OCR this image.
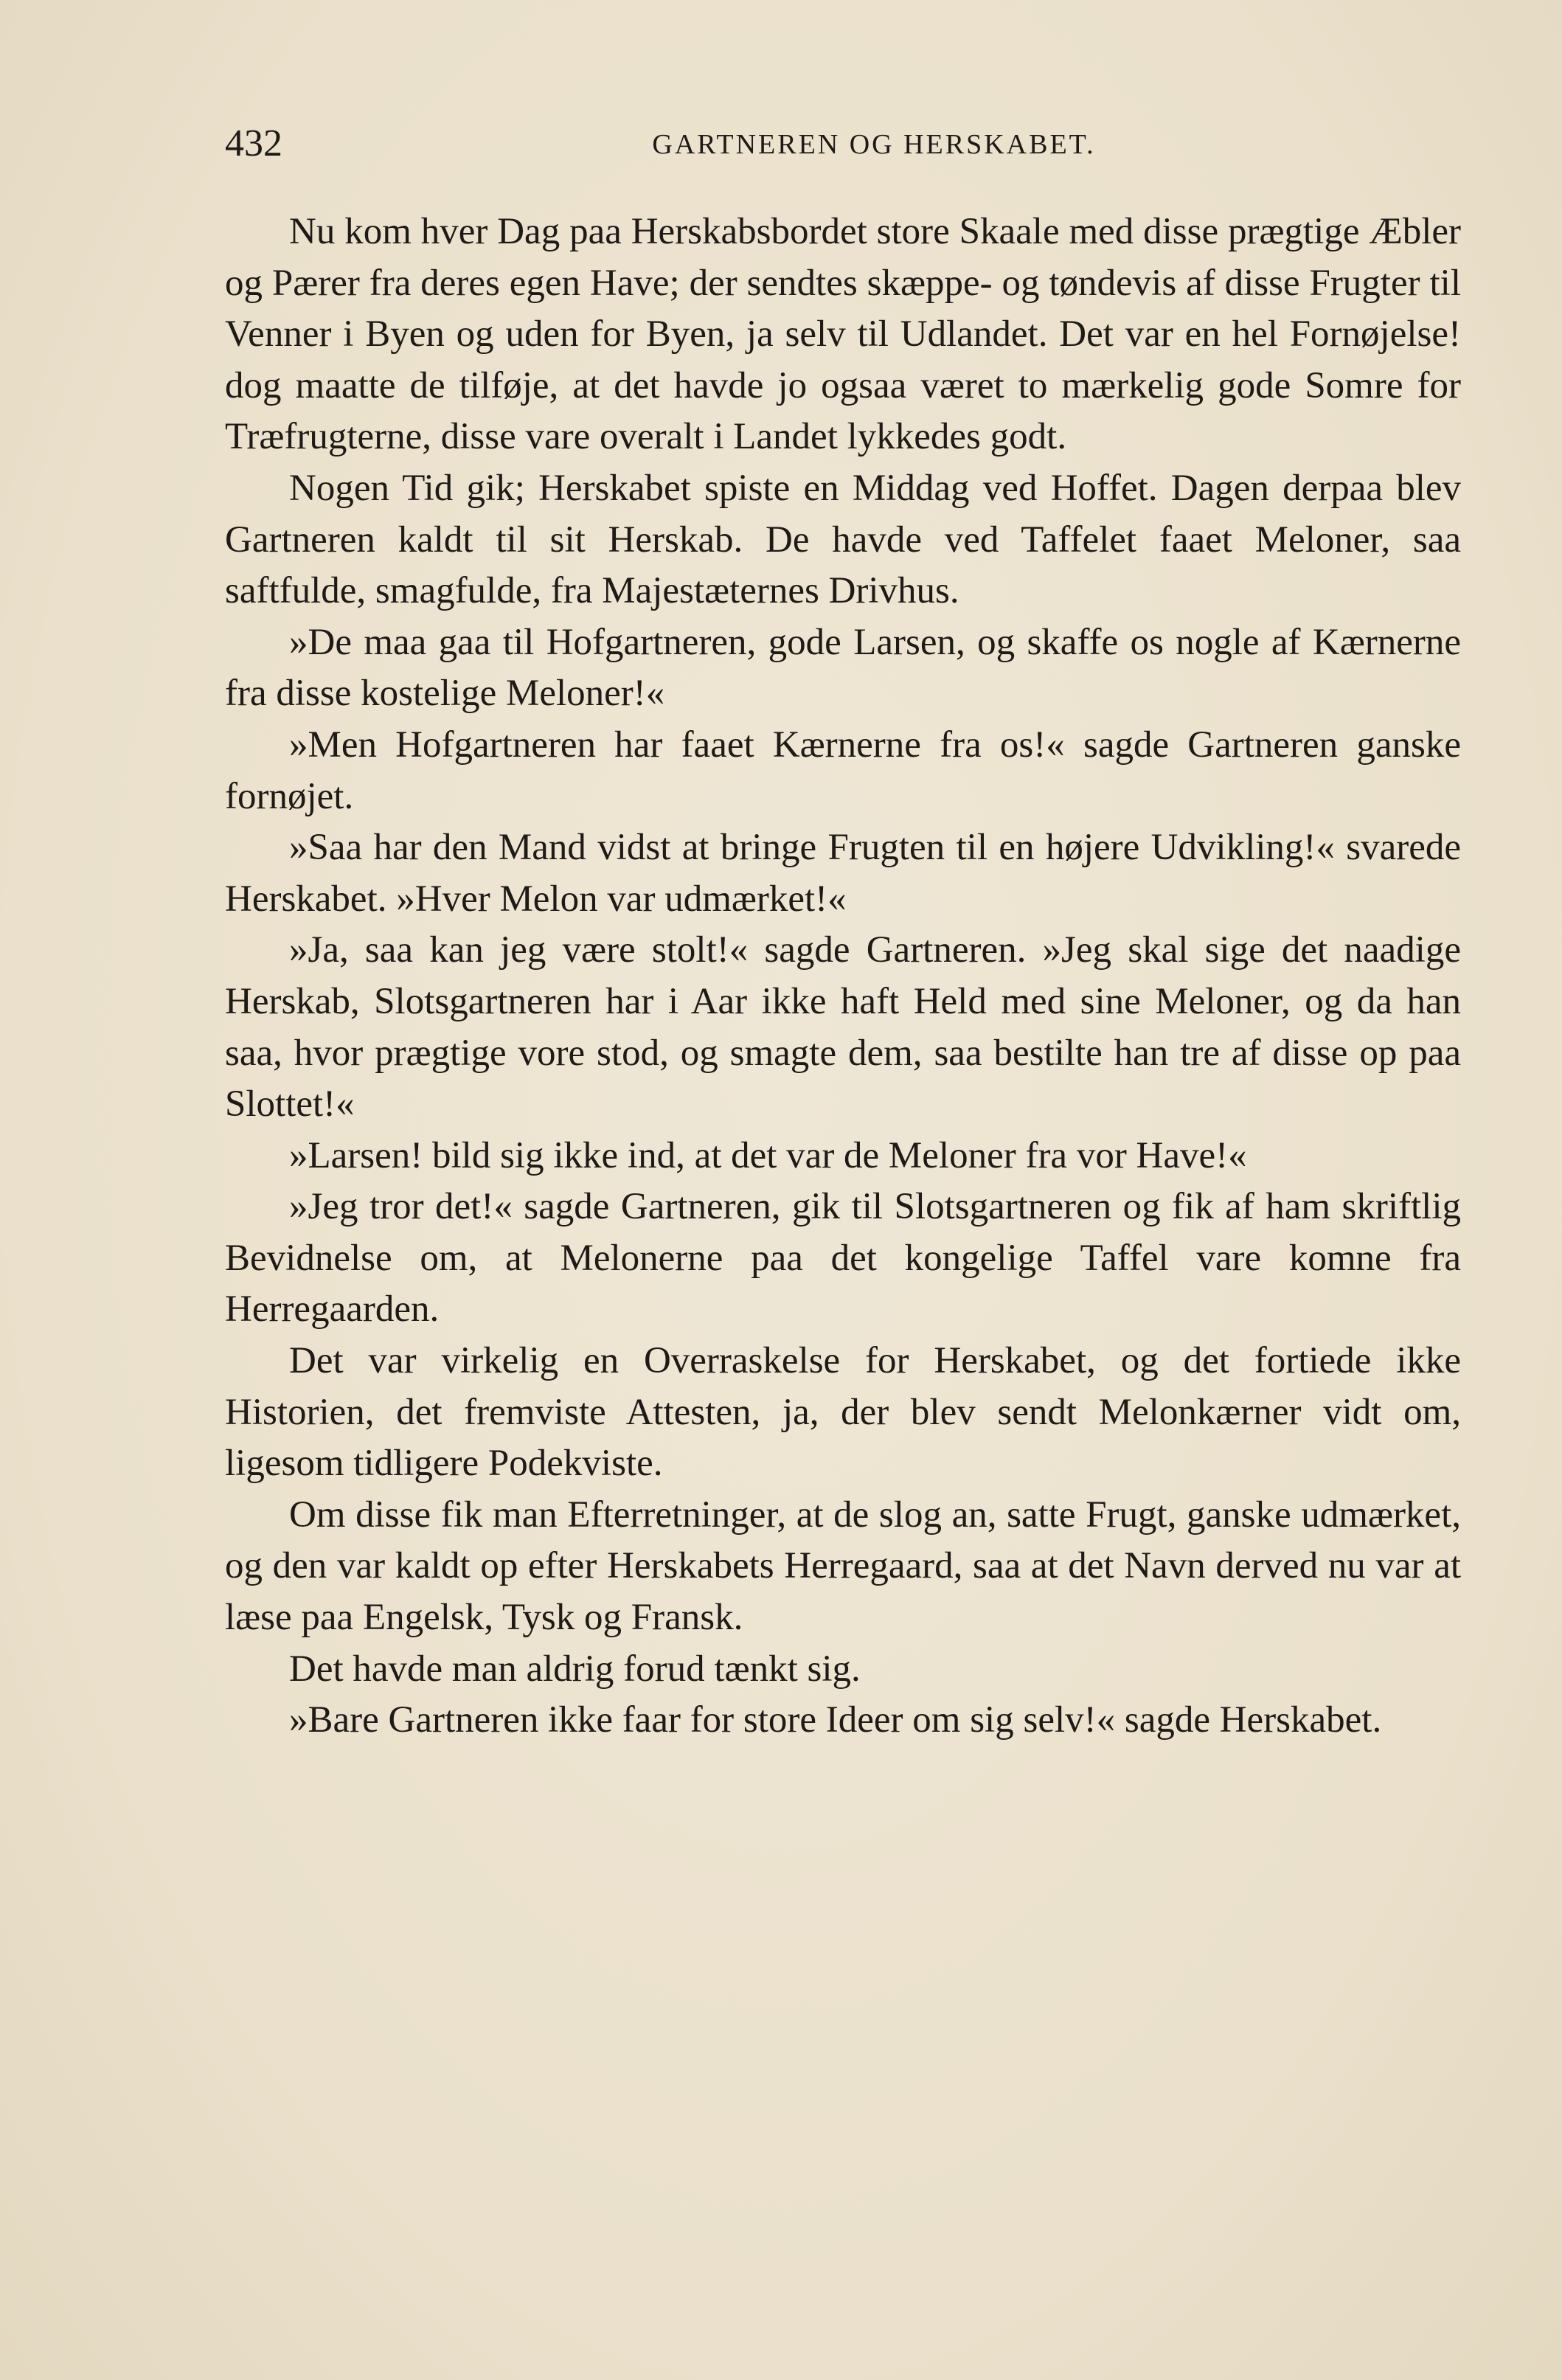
432	GARTNEREN OG HERSKABET.

Nu kom hver Dag paa Herskabsbordet store Skaale med disse prægtige Æbler og Pærer fra deres egen Have; der sendtes skæppe- og tøndevis af disse Frugter til Venner i Byen og uden for Byen, ja selv til Udlandet. Det var en hel Fornøjelse! dog maatte de tilføje, at det havde jo ogsaa været to mærkelig gode Somre for Træfrugterne, disse vare overalt i Landet lykkedes godt.

Nogen Tid gik; Herskabet spiste en Middag ved Hoffet. Dagen derpaa blev Gartneren kaldt til sit Herskab. De havde ved Taffelet faaet Meloner, saa saftfulde, smagfulde, fra Majestæternes Drivhus.

»De maa gaa til Hofgartneren, gode Larsen, og skaffe os nogle af Kærnerne fra disse kostelige Meloner!«

»Men Hofgartneren har faaet Kærnerne fra os!« sagde Gartneren ganske fornøjet.

»Saa har den Mand vidst at bringe Frugten til en højere Udvikling!« svarede Herskabet. »Hver Melon var udmærket!«

»Ja, saa kan jeg være stolt!« sagde Gartneren. »Jeg skal sige det naadige Herskab, Slotsgartneren har i Aar ikke haft Held med sine Meloner, og da han saa, hvor prægtige vore stod, og smagte dem, saa bestilte han tre af disse op paa Slottet!«

»Larsen! bild sig ikke ind, at det var de Meloner fra vor Have!«

»Jeg tror det!« sagde Gartneren, gik til Slotsgartneren og fik af ham skriftlig Bevidnelse om, at Melonerne paa det kongelige Taffel vare komne fra Herregaarden.

Det var virkelig en Overraskelse for Herskabet, og det fortiede ikke Historien, det fremviste Attesten, ja, der blev sendt Melonkærner vidt om, ligesom tidligere Podekviste.

Om disse fik man Efterretninger, at de slog an, satte Frugt, ganske udmærket, og den var kaldt op efter Herskabets Herregaard, saa at det Navn derved nu var at læse paa Engelsk, Tysk og Fransk.

Det havde man aldrig forud tænkt sig.

»Bare Gartneren ikke faar for store Ideer om sig selv!« sagde Herskabet.
